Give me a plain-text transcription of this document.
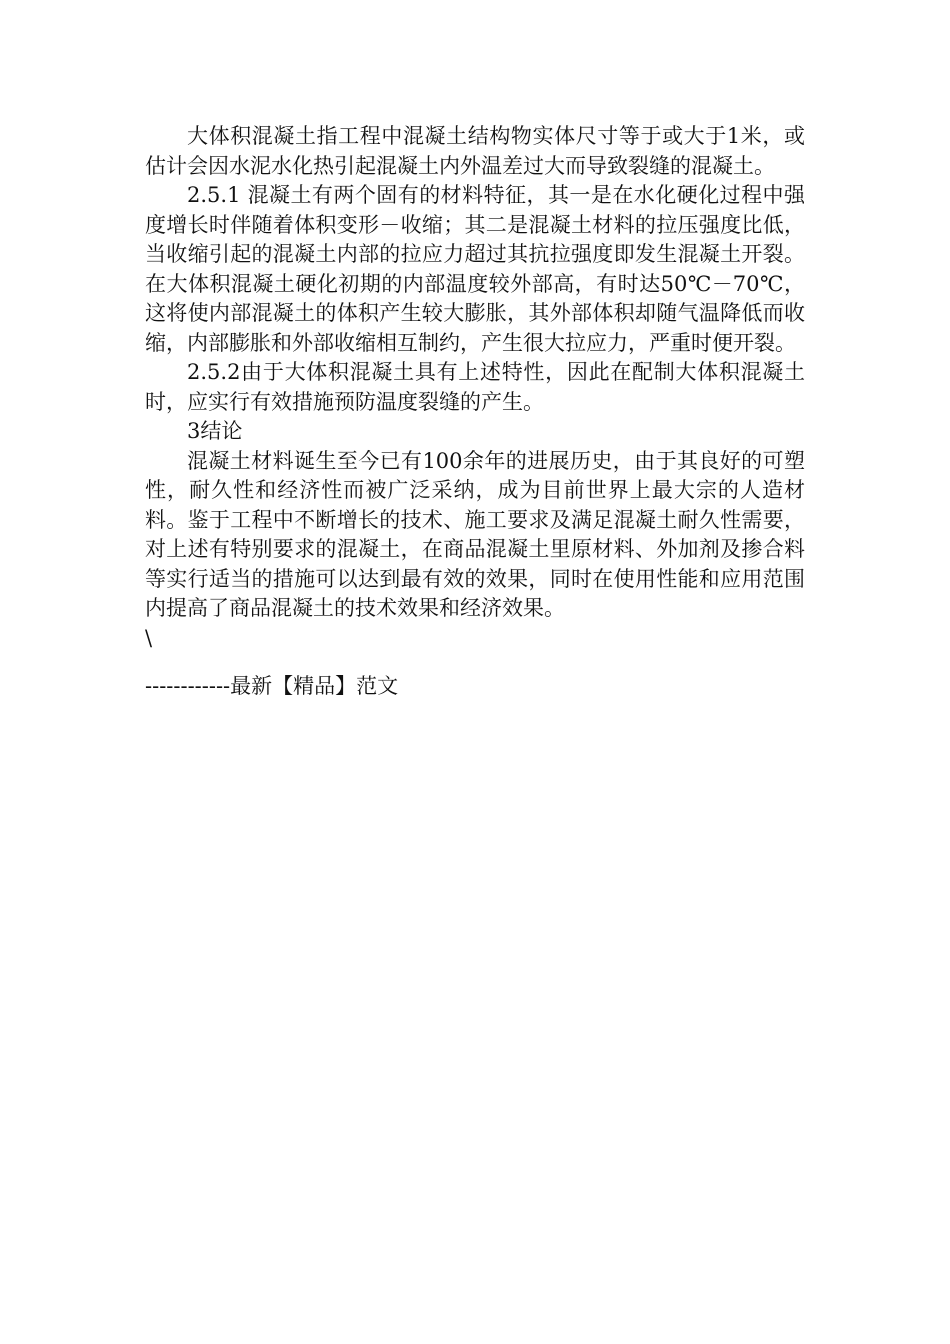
大体积混凝土指工程中混凝土结构物实体尺寸等于或大于1米，或估计会因水泥水化热引起混凝土内外温差过大而导致裂缝的混凝土。

2.5.1 混凝土有两个固有的材料特征，其一是在水化硬化过程中强度增长时伴随着体积变形－收缩；其二是混凝土材料的拉压强度比低，当收缩引起的混凝土内部的拉应力超过其抗拉强度即发生混凝土开裂。在大体积混凝土硬化初期的内部温度较外部高，有时达50℃－70℃，这将使内部混凝土的体积产生较大膨胀，其外部体积却随气温降低而收缩，内部膨胀和外部收缩相互制约，产生很大拉应力，严重时便开裂。

2.5.2由于大体积混凝土具有上述特性，因此在配制大体积混凝土时，应实行有效措施预防温度裂缝的产生。

3结论

混凝土材料诞生至今已有100余年的进展历史，由于其良好的可塑性，耐久性和经济性而被广泛采纳，成为目前世界上最大宗的人造材料。鉴于工程中不断增长的技术、施工要求及满足混凝土耐久性需要，对上述有特别要求的混凝土，在商品混凝土里原材料、外加剂及掺合料等实行适当的措施可以达到最有效的效果，同时在使用性能和应用范围内提高了商品混凝土的技术效果和经济效果。

\

------------最新【精品】范文
